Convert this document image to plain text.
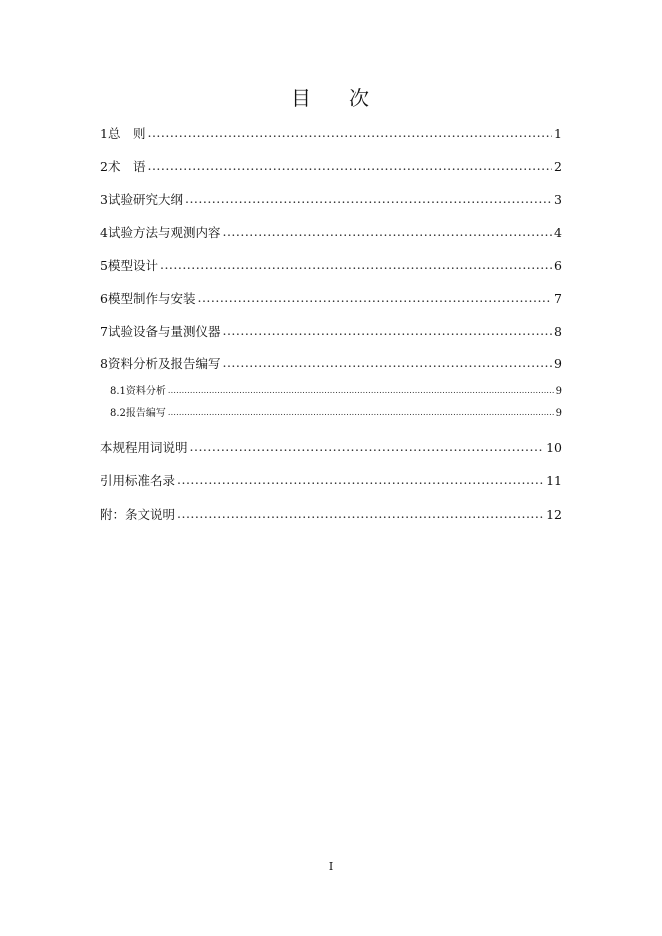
目 次
1 总　则 .....	1
2 术　语 .....	2
3 试验研究大纲 .....	3
4 试验方法与观测内容 .....	4
5 模型设计 .....	6
6 模型制作与安装 .....	7
7 试验设备与量测仪器 .....	8
8 资料分析及报告编写 .....	9
8.1 资料分析 .....	9
8.2 报告编写 .....	9
本规程用词说明 .....	10
引用标准名录 .....	11
附：条文说明 .....	12
I
